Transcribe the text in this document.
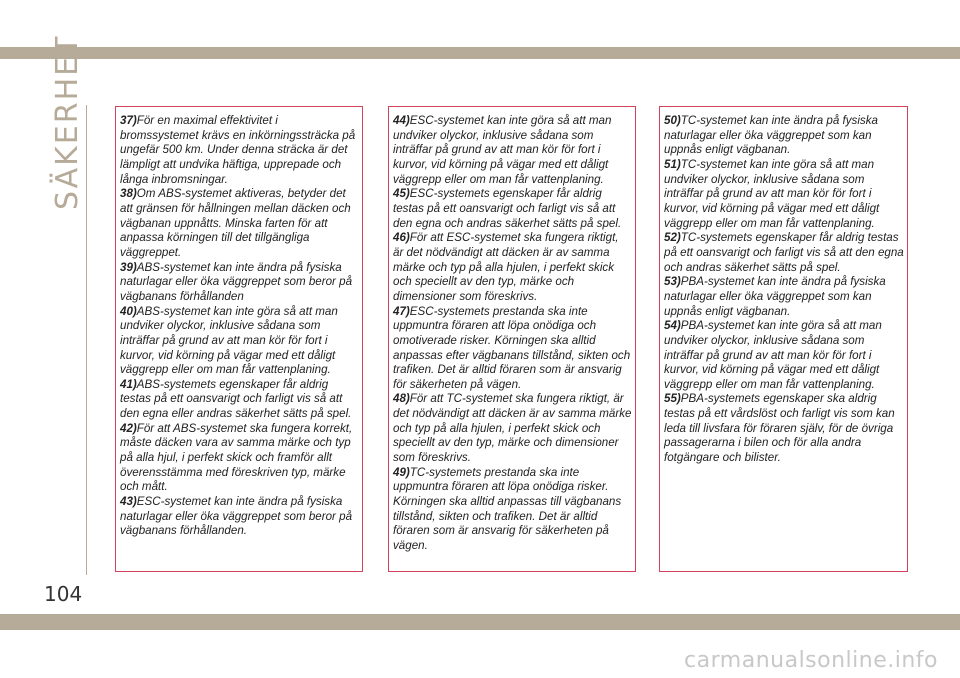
SÄKERHET	37)För en maximal effektivitet i bromssystemet krävs en inkörningssträcka på ungefär 500 km. Under denna sträcka är det lämpligt att undvika häftiga, upprepade och långa inbromsningar.

38)Om ABS-systemet aktiveras, betyder det att gränsen för hållningen mellan däcken och vägbanan uppnåtts. Minska farten för att anpassa körningen till det tillgängliga väggreppet.

39)ABS-systemet kan inte ändra på fysiska naturlagar eller öka väggreppet som beror på vägbanans förhållanden

40)ABS-systemet kan inte göra så att man undviker olyckor, inklusive sådana som inträffar på grund av att man kör för fort i kurvor, vid körning på vägar med ett dåligt väggrepp eller om man får vattenplaning.

41)ABS-systemets egenskaper får aldrig testas på ett oansvarigt och farligt vis så att den egna eller andras säkerhet sätts på spel.

42)För att ABS-systemet ska fungera korrekt, måste däcken vara av samma märke och typ på alla hjul, i perfekt skick och framför allt överensstämma med föreskriven typ, märke och mått.

43)ESC-systemet kan inte ändra på fysiska naturlagar eller öka väggreppet som beror på vägbanans förhållanden.

44)ESC-systemet kan inte göra så att man undviker olyckor, inklusive sådana som inträffar på grund av att man kör för fort i kurvor, vid körning på vägar med ett dåligt väggrepp eller om man får vattenplaning.

45)ESC-systemets egenskaper får aldrig testas på ett oansvarigt och farligt vis så att den egna och andras säkerhet sätts på spel.

46)För att ESC-systemet ska fungera riktigt, är det nödvändigt att däcken är av samma märke och typ på alla hjulen, i perfekt skick och speciellt av den typ, märke och dimensioner som föreskrivs.

47)ESC-systemets prestanda ska inte uppmuntra föraren att löpa onödiga och omotiverade risker. Körningen ska alltid anpassas efter vägbanans tillstånd, sikten och trafiken. Det är alltid föraren som är ansvarig för säkerheten på vägen.

48)För att TC-systemet ska fungera riktigt, är det nödvändigt att däcken är av samma märke och typ på alla hjulen, i perfekt skick och speciellt av den typ, märke och dimensioner som föreskrivs.

49)TC-systemets prestanda ska inte uppmuntra föraren att löpa onödiga risker. Körningen ska alltid anpassas till vägbanans tillstånd, sikten och trafiken. Det är alltid föraren som är ansvarig för säkerheten på vägen.

50)TC-systemet kan inte ändra på fysiska naturlagar eller öka väggreppet som kan uppnås enligt vägbanan.

51)TC-systemet kan inte göra så att man undviker olyckor, inklusive sådana som inträffar på grund av att man kör för fort i kurvor, vid körning på vägar med ett dåligt väggrepp eller om man får vattenplaning.

52)TC-systemets egenskaper får aldrig testas på ett oansvarigt och farligt vis så att den egna och andras säkerhet sätts på spel.

53)PBA-systemet kan inte ändra på fysiska naturlagar eller öka väggreppet som kan uppnås enligt vägbanan.

54)PBA-systemet kan inte göra så att man undviker olyckor, inklusive sådana som inträffar på grund av att man kör för fort i kurvor, vid körning på vägar med ett dåligt väggrepp eller om man får vattenplaning.

55)PBA-systemets egenskaper ska aldrig testas på ett vårdslöst och farligt vis som kan leda till livsfara för föraren själv, för de övriga passagerarna i bilen och för alla andra fotgängare och bilister.

104
carmanualsonline.info
